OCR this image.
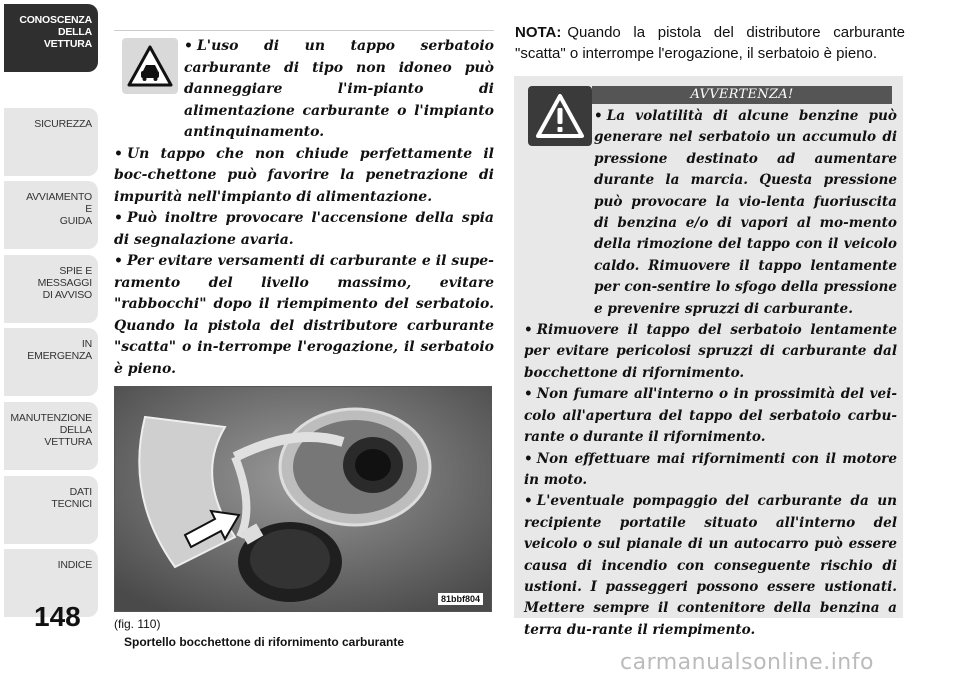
CONOSCENZA
DELLA
VETTURA
SICUREZZA
AVVIAMENTO
E
GUIDA
SPIE E
MESSAGGI
DI AVVISO
IN
EMERGENZA
MANUTENZIONE
DELLA
VETTURA
DATI
TECNICI
INDICE
148

• L'uso di un tappo serbatoio carburante di tipo non idoneo può danneggiare l'im-pianto di alimentazione carburante o l'impianto antinquinamento.

• Un tappo che non chiude perfettamente il boc-chettone può favorire la penetrazione di impurità nell'impianto di alimentazione.

• Può inoltre provocare l'accensione della spia di segnalazione avaria.

• Per evitare versamenti di carburante e il supe-ramento del livello massimo, evitare "rabbocchi" dopo il riempimento del serbatoio. Quando la pistola del distributore carburante "scatta" o in-terrompe l'erogazione, il serbatoio è pieno.

81bbf804
(fig. 110)
Sportello bocchettone di rifornimento carburante
NOTA: Quando la pistola del distributore carburante "scatta" o interrompe l'erogazione, il serbatoio è pieno.
AVVERTENZA!

• La volatilità di alcune benzine può generare nel serbatoio un accumulo di pressione destinato ad aumentare durante la marcia. Questa pressione può provocare la vio-lenta fuoriuscita di benzina e/o di vapori al mo-mento della rimozione del tappo con il veicolo caldo. Rimuovere il tappo lentamente per con-sentire lo sfogo della pressione e prevenire spruzzi di carburante.

• Rimuovere il tappo del serbatoio lentamente per evitare pericolosi spruzzi di carburante dal bocchettone di rifornimento.

• Non fumare all'interno o in prossimità del vei-colo all'apertura del tappo del serbatoio carbu-rante o durante il rifornimento.

• Non effettuare mai rifornimenti con il motore in moto.

• L'eventuale pompaggio del carburante da un recipiente portatile situato all'interno del veicolo o sul pianale di un autocarro può essere causa di incendio con conseguente rischio di ustioni. I passeggeri possono essere ustionati. Mettere sempre il contenitore della benzina a terra du-rante il riempimento.

carmanualsonline.info
